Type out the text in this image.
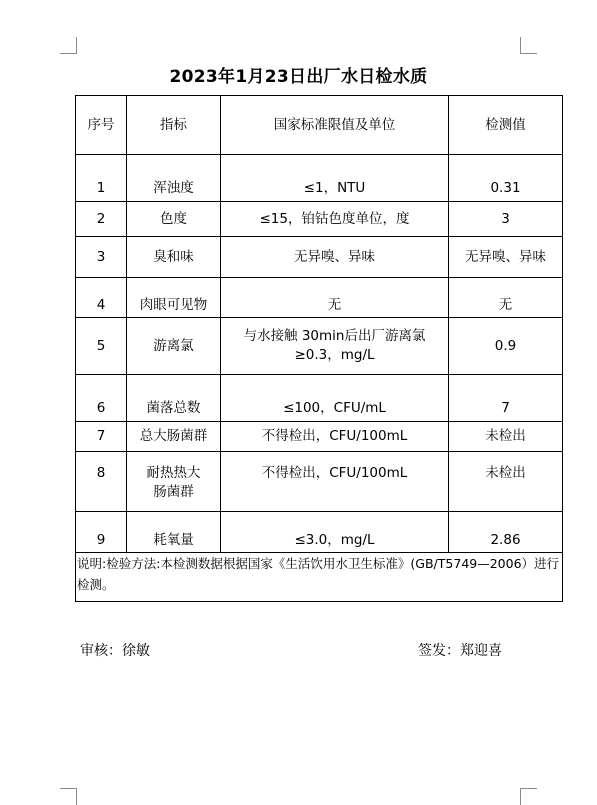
2023年1月23日出厂水日检水质
序号	指标	国家标准限值及单位	检测值
1	浑浊度	≤1，NTU	0.31
2	色度	≤15，铂钴色度单位，度	3
3	臭和味	无异嗅、异味	无异嗅、异味
4	肉眼可见物	无	无
5	游离氯	与水接触 30min后出厂游离氯≥0.3，mg/L	0.9
6	菌落总数	≤100，CFU/mL	7
7	总大肠菌群	不得检出，CFU/100mL	未检出
8	耐热热大肠菌群	不得检出，CFU/100mL	未检出
9	耗氧量	≤3.0，mg/L	2.86
说明:检验方法:本检测数据根据国家《生活饮用水卫生标准》(GB/T5749—2006）进行检测。			
审核：徐敏	签发：郑迎喜
